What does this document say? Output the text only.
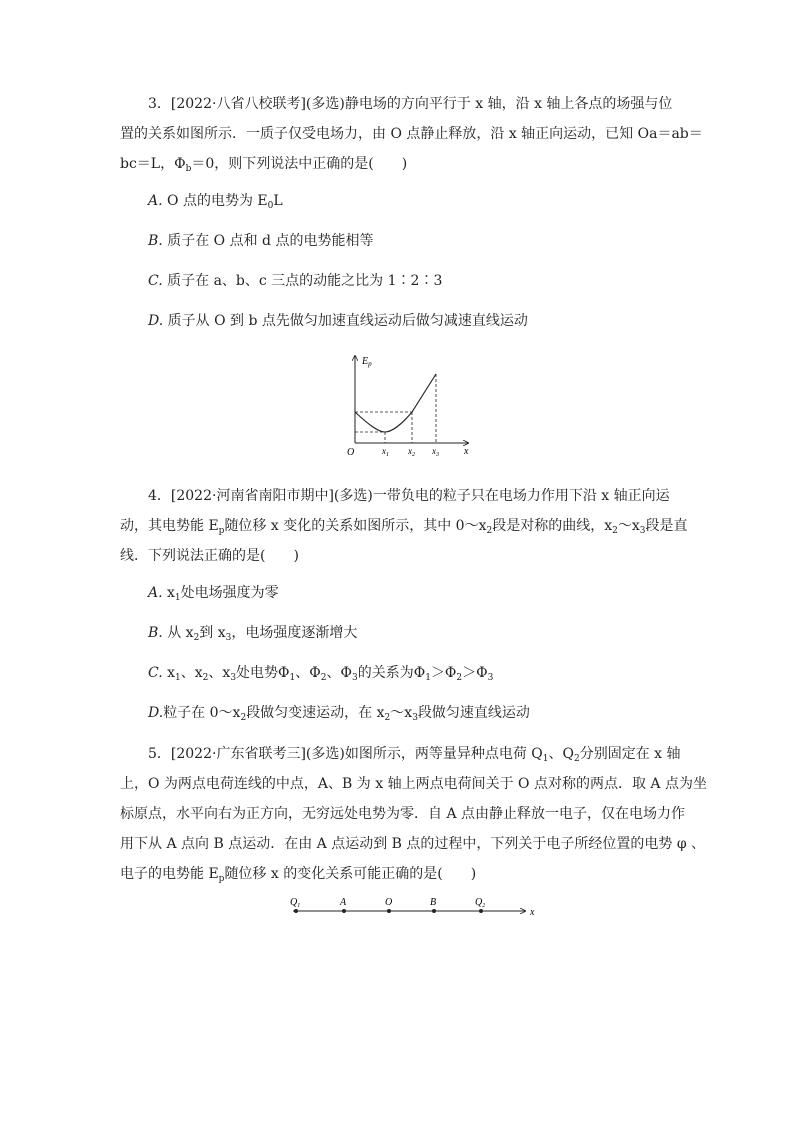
3．[2022·八省八校联考](多选)静电场的方向平行于 x 轴，沿 x 轴上各点的场强与位
置的关系如图所示．一质子仅受电场力，由 O 点静止释放，沿 x 轴正向运动，已知 Oa＝ab＝
bc＝L，$\Phi_b=0$，则下列说法中正确的是(　　)
A. O 点的电势为 $E_0L$
B. 质子在 O 点和 d 点的电势能相等
C. 质子在 a、b、c 三点的动能之比为 1∶2∶3
D. 质子从 O 到 b 点先做匀加速直线运动后做匀减速直线运动
$E_p$
O	x
$x_1$ $x_2$ $x_3$
4．[2022·河南省南阳市期中](多选)一带负电的粒子只在电场力作用下沿 x 轴正向运
动，其电势能 $E_p$随位移 x 变化的关系如图所示，其中 $0\sim x_2$段是对称的曲线，$x_2\sim x_3$段是直
线．下列说法正确的是(　　)
A. $x_1$处电场强度为零
B. 从 $x_2$到 $x_3$，电场强度逐渐增大
C. $x_1$、$x_2$、$x_3$处电势$\Phi_1$、$\Phi_2$、$\Phi_3$的关系为$\Phi_1>\Phi_2>\Phi_3$
D.粒子在 $0\sim x_2$段做匀变速运动，在 $x_2\sim x_3$段做匀速直线运动
5．[2022·广东省联考三](多选)如图所示，两等量异种点电荷 $Q_1$、$Q_2$分别固定在 x 轴
上，O 为两点电荷连线的中点，A、B 为 x 轴上两点电荷间关于 O 点对称的两点．取 A 点为坐
标原点，水平向右为正方向，无穷远处电势为零．自 A 点由静止释放一电子，仅在电场力作
用下从 A 点向 B 点运动．在由 A 点运动到 B 点的过程中，下列关于电子所经位置的电势 φ 、
电子的电势能 $E_p$随位移 x 的变化关系可能正确的是(　　)
$Q_1$	A	O	B	$Q_2$
x
